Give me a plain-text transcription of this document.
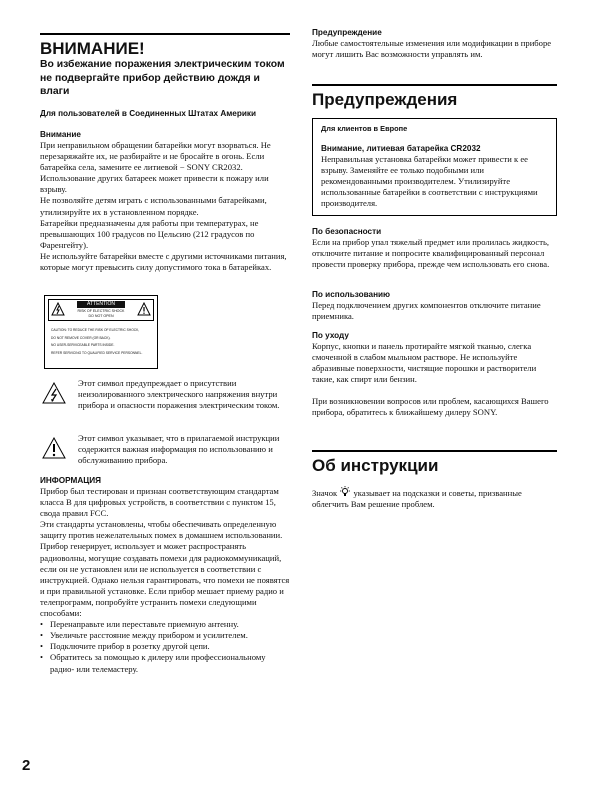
ВНИМАНИЕ!

Во избежание поражения электрическим током не подвергайте прибор действию дождя и влаги

Для пользователей в Соединенных Штатах Америки

Внимание

При неправильном обращении батарейки могут взорваться. Не перезаряжайте их, не разбирайте и не бросайте в огонь. Если батарейка села, замените ее литиевой − SONY CR2032. Использование других батареек может привести к пожару или взрыву.

Не позволяйте детям играть с использованными батарейками, утилизируйте их в установленном порядке.

Батарейки предназначены для работы при температурах, не превышающих 100 градусов по Цельсию (212 градусов по Фаренгейту).

Не используйте батарейки вместе с другими источниками питания, которые могут превысить силу допустимого тока в батарейках.

ATTENTION
RISK OF ELECTRIC SHOCK
DO NOT OPEN
CAUTION: TO REDUCE THE RISK OF ELECTRIC SHOCK,
DO NOT REMOVE COVER (OR BACK).
NO USER-SERVICEABLE PARTS INSIDE.
REFER SERVICING TO QUALIFIED SERVICE PERSONNEL.

Этот символ предупреждает о присутствии неизолированного электрического напряжения внутри прибора и опасности поражения электрическим током.

Этот символ указывает, что в прилагаемой инструкции содержится важная информация по использованию и обслуживанию прибора.

ИНФОРМАЦИЯ

Прибор был тестирован и признан соответствующим стандартам класса B для цифровых устройств, в соответствии с пунктом 15, свода правил FCC.

Эти стандарты установлены, чтобы обеспечивать определенную защиту против нежелательных помех в домашнем использовании. Прибор генерирует, использует и может распространять радиоволны, могущие создавать помехи для радиокоммуникаций, если он не установлен или не используется в соответствии с инструкцией. Однако нельзя гарантировать, что помехи не появятся и при правильной установке. Если прибор мешает приему радио и телепрограмм, попробуйте устранить помехи следующими способами:

• Перенаправьте или переставьте приемную антенну.
• Увеличьте расстояние между прибором и усилителем.
• Подключите прибор в розетку другой цепи.
• Обратитесь за помощью к дилеру или профессиональному радио- или телемастеру.

Предупреждение

Любые самостоятельные изменения или модификации в приборе могут лишить Вас возможности управлять им.

Предупреждения

Для клиентов в Европе

Внимание, литиевая батарейка CR2032

Неправильная установка батарейки может привести к ее взрыву. Заменяйте ее только подобными или рекомендованными производителем. Утилизируйте использованные батарейки в соответствии с инструкциями производителя.

По безопасности

Если на прибор упал тяжелый предмет или пролилась жидкость, отключите питание и попросите квалифицированный персонал провести проверку прибора, прежде чем использовать его снова.

По использованию

Перед подключением других компонентов отключите питание приемника.

По уходу

Корпус, кнопки и панель протирайте мягкой тканью, слегка смоченной в слабом мыльном растворе. Не используйте абразивные поверхности, чистящие порошки и растворители такие, как спирт или бензин.

При возникновении вопросов или проблем, касающихся Вашего прибора, обратитесь к ближайшему дилеру SONY.

Об инструкции

Значок указывает на подсказки и советы, призванные облегчить Вам решение проблем.

2
